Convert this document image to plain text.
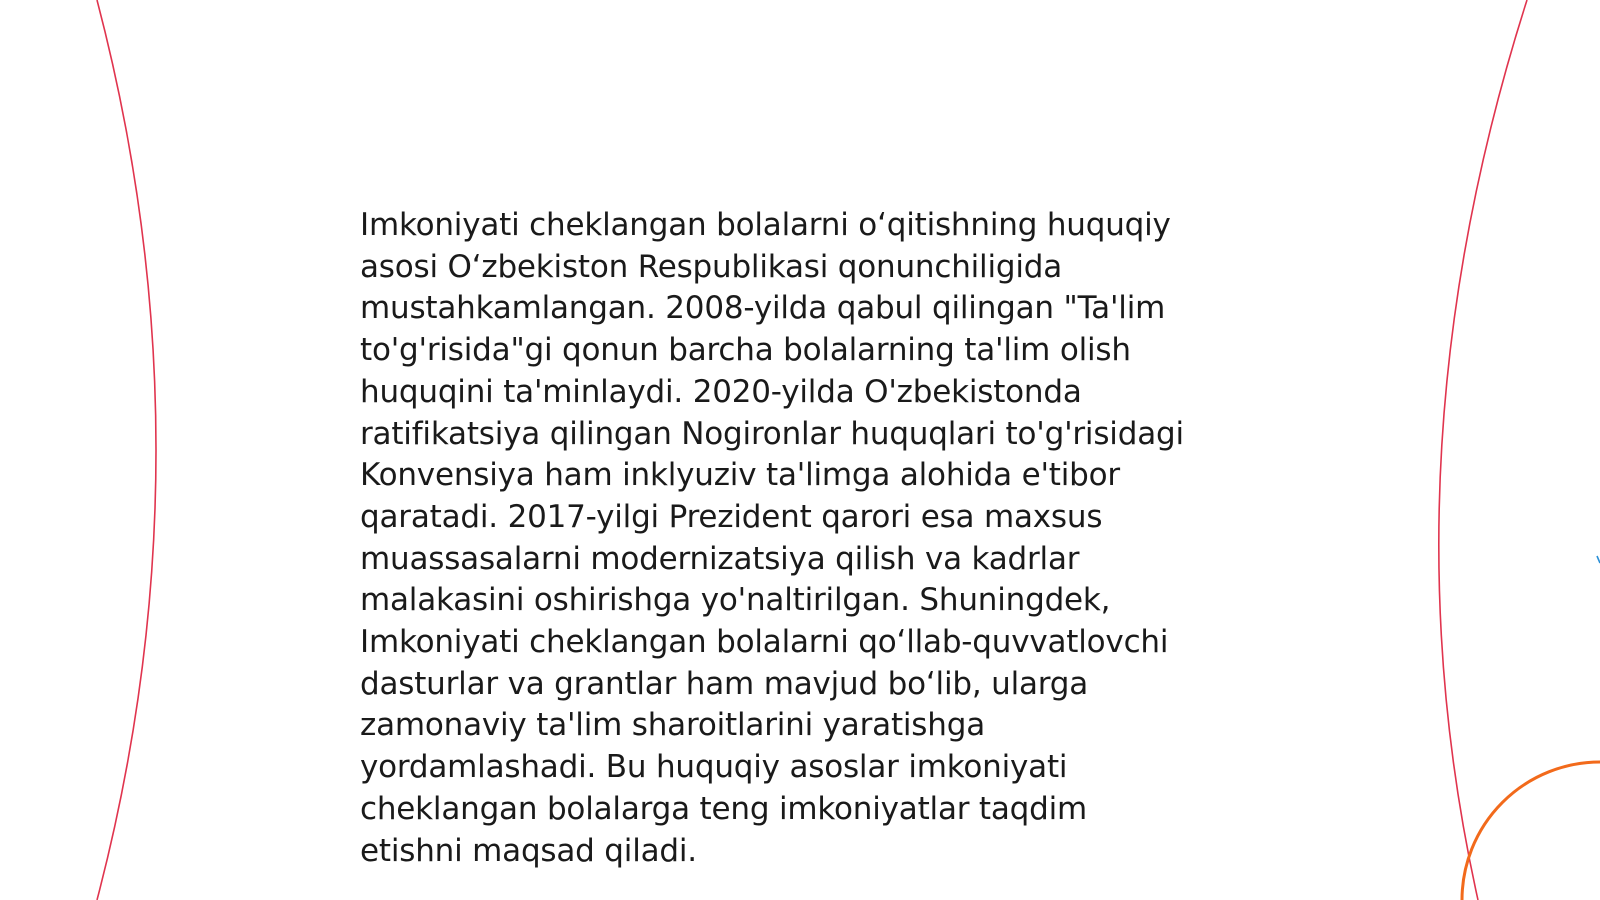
Imkoniyati cheklangan bolalarni oʻqitishning huquqiy
asosi Oʻzbekiston Respublikasi qonunchiligida
mustahkamlangan. 2008-yilda qabul qilingan "Ta'lim
to'g'risida"gi qonun barcha bolalarning ta'lim olish
huquqini ta'minlaydi. 2020-yilda O'zbekistonda
ratifikatsiya qilingan Nogironlar huquqlari to'g'risidagi
Konvensiya ham inklyuziv ta'limga alohida e'tibor
qaratadi. 2017-yilgi Prezident qarori esa maxsus
muassasalarni modernizatsiya qilish va kadrlar
malakasini oshirishga yo'naltirilgan. Shuningdek,
Imkoniyati cheklangan bolalarni qoʻllab-quvvatlovchi
dasturlar va grantlar ham mavjud boʻlib, ularga
zamonaviy ta'lim sharoitlarini yaratishga
yordamlashadi. Bu huquqiy asoslar imkoniyati
cheklangan bolalarga teng imkoniyatlar taqdim
etishni maqsad qiladi.
